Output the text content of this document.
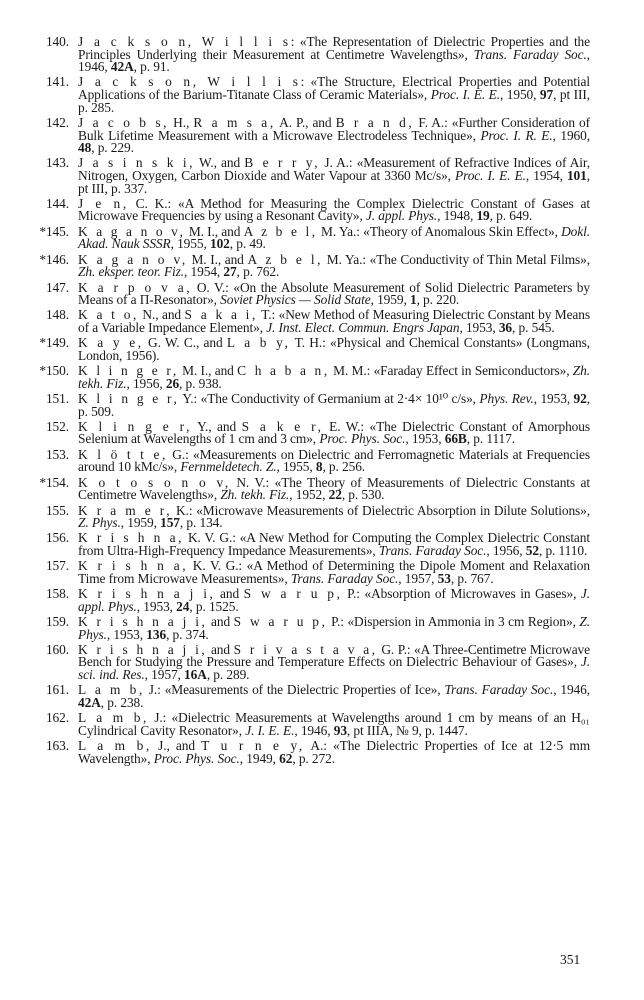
140. J a c k s o n, W i l l i s: «The Representation of Dielectric Properties and the Principles Underlying their Measurement at Centimetre Wavelengths», Trans. Faraday Soc., 1946, 42A, p. 91.
141. J a c k s o n, W i l l i s: «The Structure, Electrical Properties and Potential Applications of the Barium-Titanate Class of Ceramic Materials», Proc. I. E. E., 1950, 97, pt III, p. 285.
142. J a c o b s, H., R a m s a, A. P., and B r a n d, F. A.: «Further Consideration of Bulk Lifetime Measurement with a Microwave Electrodeless Technique», Proc. I. R. E., 1960, 48, p. 229.
143. J a s i n s k i, W., and B e r r y, J. A.: «Measurement of Refractive Indices of Air, Nitrogen, Oxygen, Carbon Dioxide and Water Vapour at 3360 Mc/s», Proc. I. E. E., 1954, 101, pt III, p. 337.
144. J e n, C. K.: «A Method for Measuring the Complex Dielectric Constant of Gases at Microwave Frequencies by using a Resonant Cavity», J. appl. Phys., 1948, 19, p. 649.
*145. K a g a n o v, M. I., and A z b e l, M. Ya.: «Theory of Anomalous Skin Effect», Dokl. Akad. Nauk SSSR, 1955, 102, p. 49.
*146. K a g a n o v, M. I., and A z b e l, M. Ya.: «The Conductivity of Thin Metal Films», Zh. eksper. teor. Fiz., 1954, 27, p. 762.
147. K a r p o v a, O. V.: «On the Absolute Measurement of Solid Dielectric Parameters by Means of a Π-Resonator», Soviet Physics — Solid State, 1959, 1, p. 220.
148. K a t o, N., and S a k a i, T.: «New Method of Measuring Dielectric Constant by Means of a Variable Impedance Element», J. Inst. Elect. Commun. Engrs Japan, 1953, 36, p. 545.
*149. K a y e, G. W. C., and L a b y, T. H.: «Physical and Chemical Constants» (Longmans, London, 1956).
*150. K l i n g e r, M. I., and C h a b a n, M. M.: «Faraday Effect in Semiconductors», Zh. tekh. Fiz., 1956, 26, p. 938.
151. K l i n g e r, Y.: «The Conductivity of Germanium at 2·4× 10¹⁰ c/s», Phys. Rev., 1953, 92, p. 509.
152. K l i n g e r, Y., and S a k e r, E. W.: «The Dielectric Constant of Amorphous Selenium at Wavelengths of 1 cm and 3 cm», Proc. Phys. Soc., 1953, 66B, p. 1117.
153. K l ö t t e, G.: «Measurements on Dielectric and Ferromagnetic Materials at Frequencies around 10 kMc/s», Fernmeldetech. Z., 1955, 8, p. 256.
*154. K o t o s o n o v, N. V.: «The Theory of Measurements of Dielectric Constants at Centimetre Wavelengths», Zh. tekh. Fiz., 1952, 22, p. 530.
155. K r a m e r, K.: «Microwave Measurements of Dielectric Absorption in Dilute Solutions», Z. Phys., 1959, 157, p. 134.
156. K r i s h n a, K. V. G.: «A New Method for Computing the Complex Dielectric Constant from Ultra-High-Frequency Impedance Measurements», Trans. Faraday Soc., 1956, 52, p. 1110.
157. K r i s h n a, K. V. G.: «A Method of Determining the Dipole Moment and Relaxation Time from Microwave Measurements», Trans. Faraday Soc., 1957, 53, p. 767.
158. K r i s h n a j i, and S w a r u p, P.: «Absorption of Microwaves in Gases», J. appl. Phys., 1953, 24, p. 1525.
159. K r i s h n a j i, and S w a r u p, P.: «Dispersion in Ammonia in 3 cm Region», Z. Phys., 1953, 136, p. 374.
160. K r i s h n a j i, and S r i v a s t a v a, G. P.: «A Three-Centimetre Microwave Bench for Studying the Pressure and Temperature Effects on Dielectric Behaviour of Gases», J. sci. ind. Res., 1957, 16A, p. 289.
161. L a m b, J.: «Measurements of the Dielectric Properties of Ice», Trans. Faraday Soc., 1946, 42A, p. 238.
162. L a m b, J.: «Dielectric Measurements at Wavelengths around 1 cm by means of an H₀₁ Cylindrical Cavity Resonator», J. I. E. E., 1946, 93, pt IIIA, № 9, p. 1447.
163. L a m b, J., and T u r n e y, A.: «The Dielectric Properties of Ice at 12·5 mm Wavelength», Proc. Phys. Soc., 1949, 62, p. 272.
351
